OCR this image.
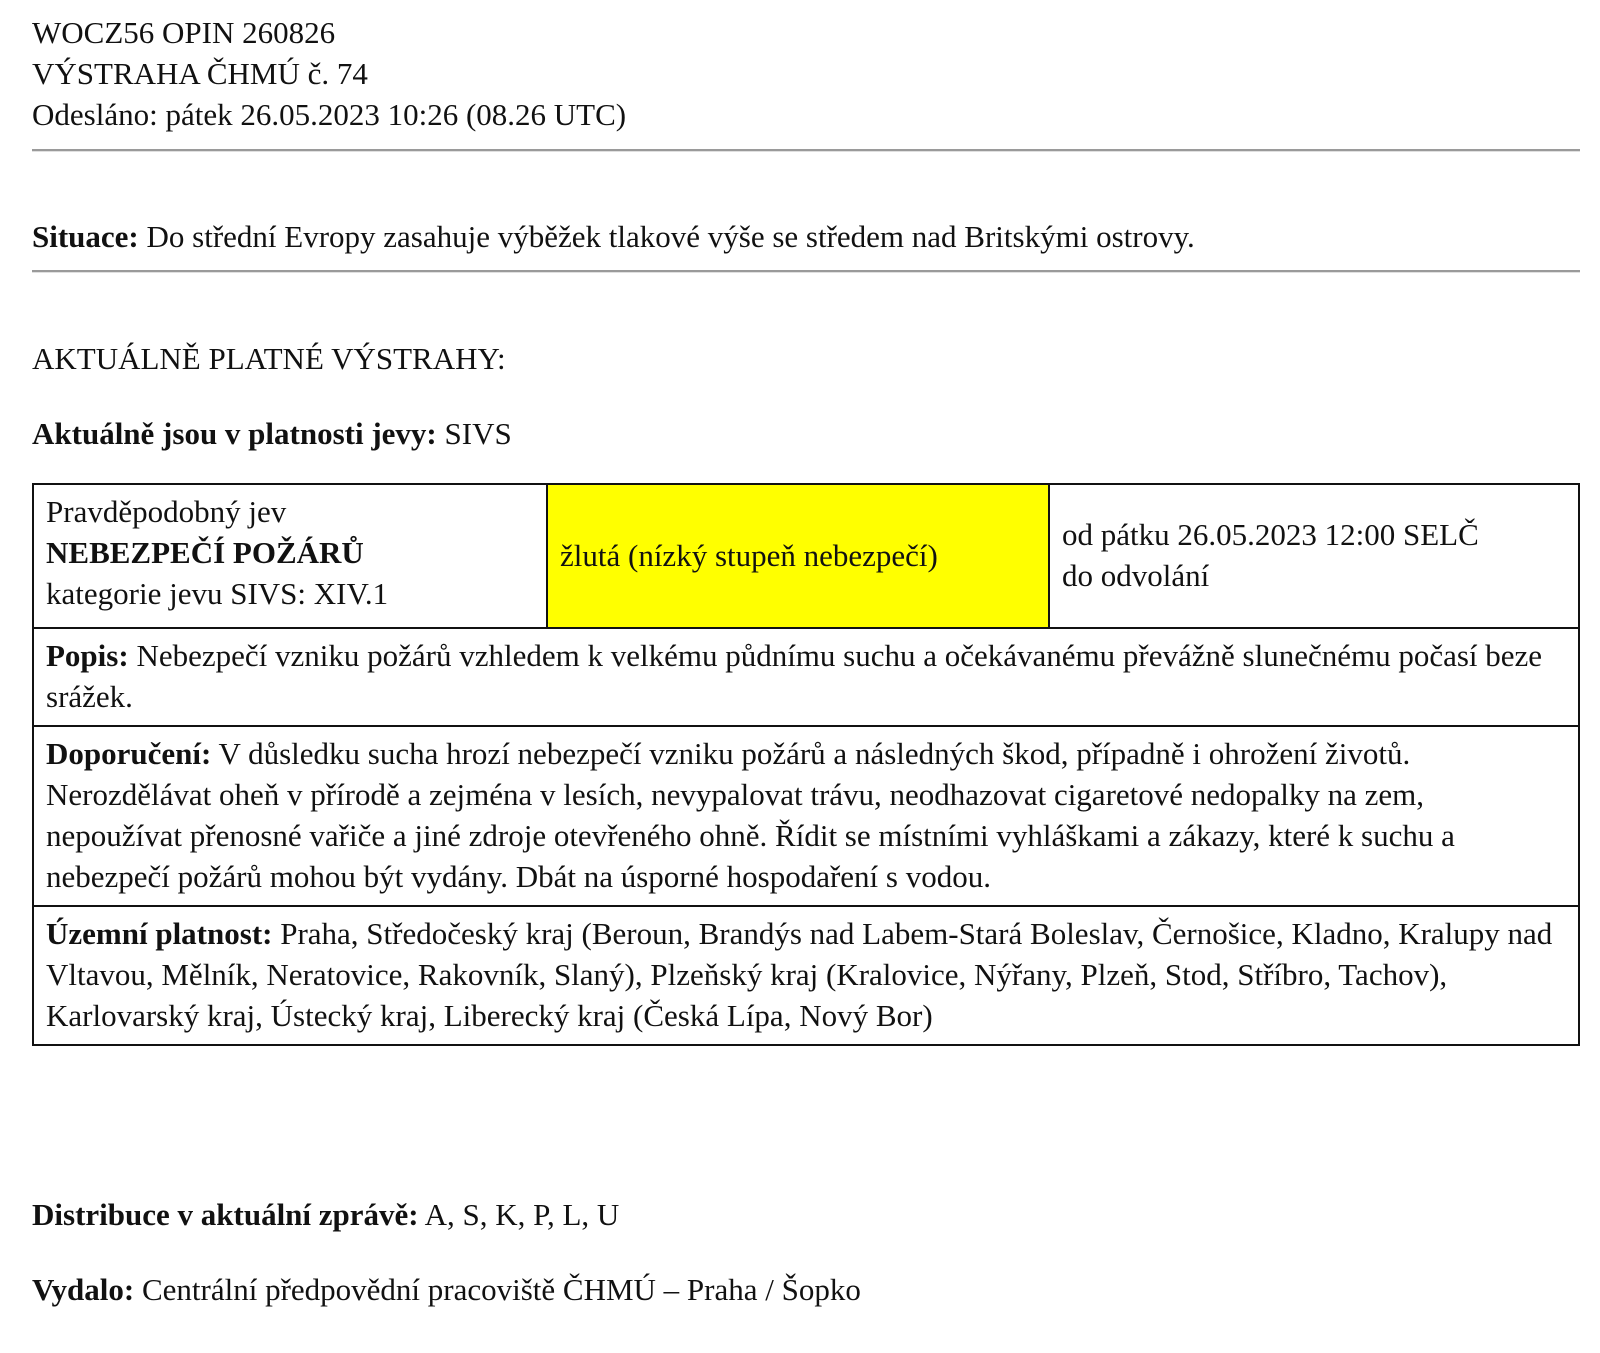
WOCZ56 OPIN 260826
VÝSTRAHA ČHMÚ č. 74
Odesláno: pátek 26.05.2023 10:26 (08.26 UTC)
Situace: Do střední Evropy zasahuje výběžek tlakové výše se středem nad Britskými ostrovy.
AKTUÁLNĚ PLATNÉ VÝSTRAHY:
Aktuálně jsou v platnosti jevy: SIVS
Pravděpodobný jev
NEBEZPEČÍ POŽÁRŮ
kategorie jevu SIVS: XIV.1

žlutá (nízký stupeň nebezpečí)

od pátku 26.05.2023 12:00 SELČ
do odvolání

Popis: Nebezpečí vzniku požárů vzhledem k velkému půdnímu suchu a očekávanému převážně slunečnému počasí beze srážek.
Doporučení: V důsledku sucha hrozí nebezpečí vzniku požárů a následných škod, případně i ohrožení životů. Nerozdělávat oheň v přírodě a zejména v lesích, nevypalovat trávu, neodhazovat cigaretové nedopalky na zem, nepoužívat přenosné vařiče a jiné zdroje otevřeného ohně. Řídit se místními vyhláškami a zákazy, které k suchu a nebezpečí požárů mohou být vydány. Dbát na úsporné hospodaření s vodou.
Územní platnost: Praha, Středočeský kraj (Beroun, Brandýs nad Labem-Stará Boleslav, Černošice, Kladno, Kralupy nad Vltavou, Mělník, Neratovice, Rakovník, Slaný), Plzeňský kraj (Kralovice, Nýřany, Plzeň, Stod, Stříbro, Tachov), Karlovarský kraj, Ústecký kraj, Liberecký kraj (Česká Lípa, Nový Bor)
Distribuce v aktuální zprávě: A, S, K, P, L, U
Vydalo: Centrální předpovědní pracoviště ČHMÚ – Praha / Šopko
